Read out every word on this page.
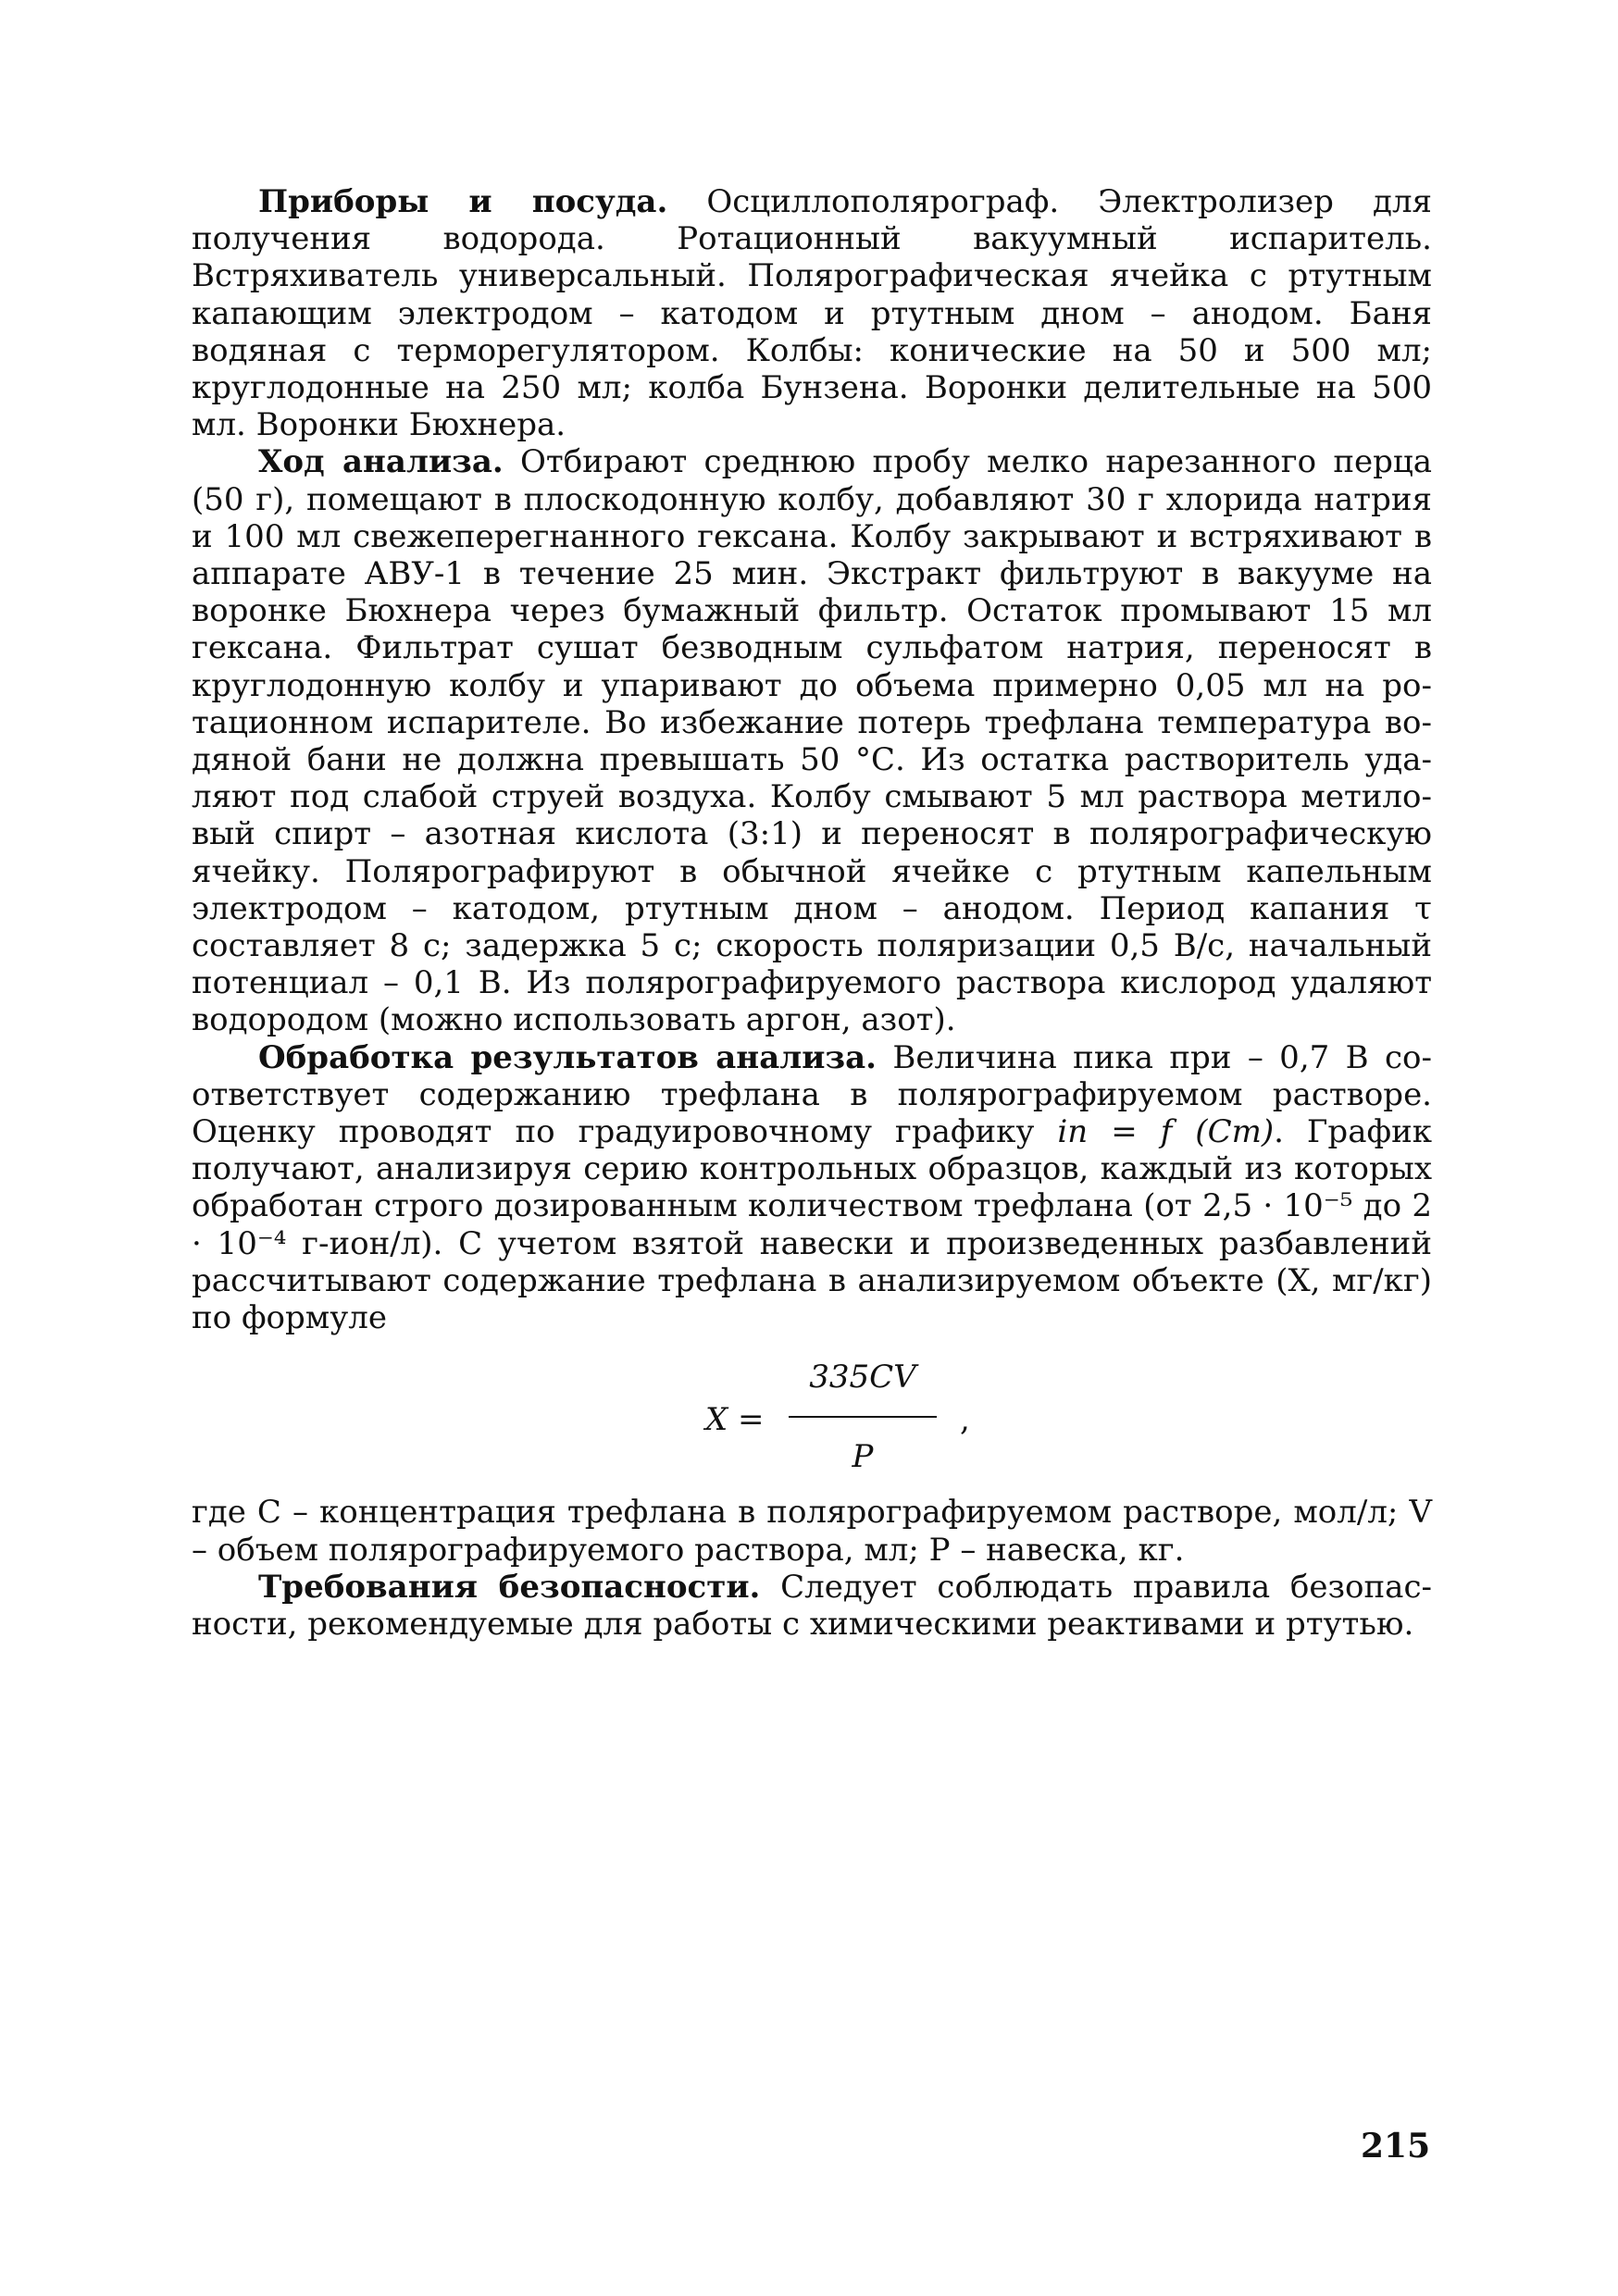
Приборы и посуда. Осциллополярограф. Электролизер для получения водорода. Ротационный вакуумный испаритель. Встряхиватель универсальный. Полярографическая ячейка с ртутным капающим электродом – катодом и ртутным дном – анодом. Баня водяная с терморегулятором. Колбы: конические на 50 и 500 мл; круглодонные на 250 мл; колба Бунзена. Воронки делительные на 500 мл. Воронки Бюхнера.

Ход анализа. Отбирают среднюю пробу мелко нарезанного перца (50 г), помещают в плоскодонную колбу, добавляют 30 г хлорида натрия и 100 мл свежеперегнанного гексана. Колбу закрывают и встряхивают в аппарате АВУ-1 в течение 25 мин. Экстракт фильтруют в вакууме на воронке Бюхнера через бумажный фильтр. Остаток промывают 15 мл гексана. Фильтрат сушат безводным сульфатом натрия, переносят в круглодонную колбу и упаривают до объема примерно 0,05 мл на ротационном испарителе. Во избежание потерь трефлана температура водяной бани не должна превышать 50 °С. Из остатка растворитель удаляют под слабой струей воздуха. Колбу смывают 5 мл раствора метиловый спирт – азотная кислота (3:1) и переносят в полярографическую ячейку. Полярографируют в обычной ячейке с ртутным капельным электродом – катодом, ртутным дном – анодом. Период капания τ составляет 8 с; задержка 5 с; скорость поляризации 0,5 В/с, начальный потенциал – 0,1 В. Из полярографируемого раствора кислород удаляют водородом (можно использовать аргон, азот).

Обработка результатов анализа. Величина пика при – 0,7 В соответствует содержанию трефлана в полярографируемом растворе. Оценку проводят по градуировочному графику iп = f (Cт). График получают, анализируя серию контрольных образцов, каждый из которых обработан строго дозированным количеством трефлана (от 2,5 · 10⁻⁵ до 2 · 10⁻⁴ г-ион/л). С учетом взятой навески и произведенных разбавлений рассчитывают содержание трефлана в анализируемом объекте (X, мг/кг) по формуле

X =
335CV
P
,

где C – концентрация трефлана в полярографируемом растворе, мол/л; V – объем полярографируемого раствора, мл; P – навеска, кг.

Требования безопасности. Следует соблюдать правила безопасности, рекомендуемые для работы с химическими реактивами и ртутью.

215
